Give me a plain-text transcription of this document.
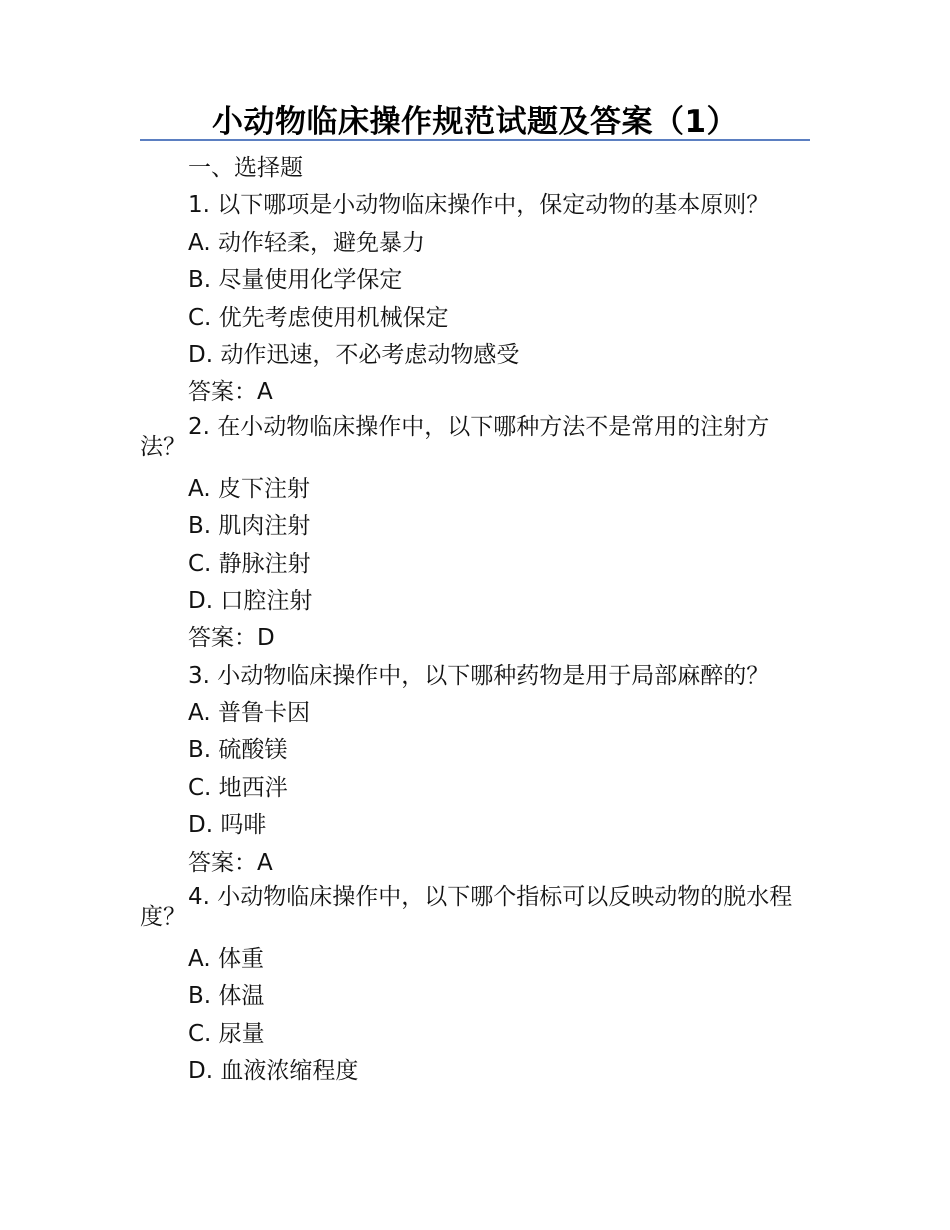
小动物临床操作规范试题及答案（1）
一、选择题
1. 以下哪项是小动物临床操作中，保定动物的基本原则？
A. 动作轻柔，避免暴力
B. 尽量使用化学保定
C. 优先考虑使用机械保定
D. 动作迅速，不必考虑动物感受
答案：A
2. 在小动物临床操作中，以下哪种方法不是常用的注射方法？
A. 皮下注射
B. 肌肉注射
C. 静脉注射
D. 口腔注射
答案：D
3. 小动物临床操作中，以下哪种药物是用于局部麻醉的？
A. 普鲁卡因
B. 硫酸镁
C. 地西泮
D. 吗啡
答案：A
4. 小动物临床操作中，以下哪个指标可以反映动物的脱水程度？
A. 体重
B. 体温
C. 尿量
D. 血液浓缩程度
